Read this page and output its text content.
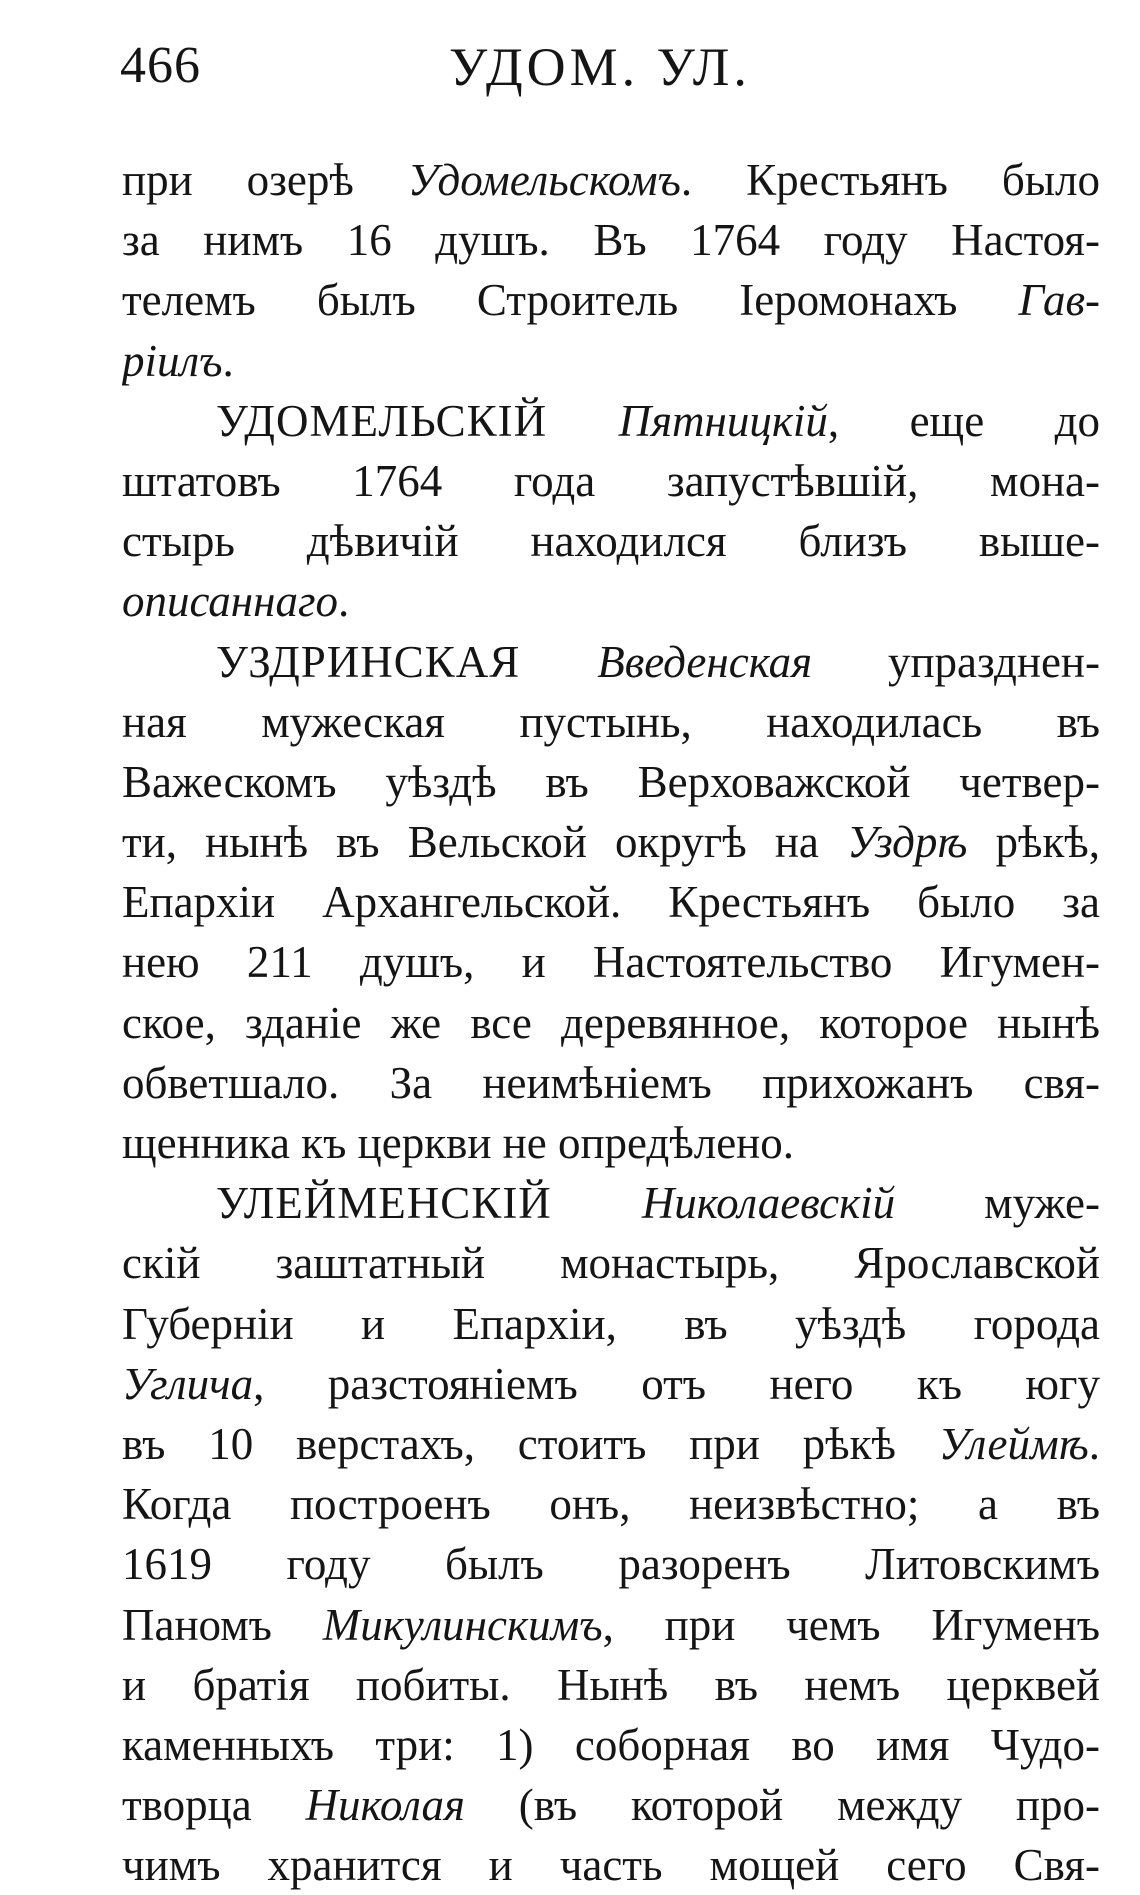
466	УДОМ. УЛ.
при озерѣ Удомельскомъ. Крестьянъ было
за нимъ 16 душъ. Въ 1764 году Настоя-
телемъ былъ Строитель Іеромонахъ Гав-
ріилъ.
УДОМЕЛЬСКІЙ Пятницкій, еще до
штатовъ 1764 года запустѣвшій, мона-
стырь дѣвичій находился близъ выше-
описаннаго.
УЗДРИНСКАЯ Введенская упразднен-
ная мужеская пустынь, находилась въ
Важескомъ уѣздѣ въ Верховажской четвер-
ти, нынѣ въ Вельской округѣ на Уздрѣ рѣкѣ,
Епархіи Архангельской. Крестьянъ было за
нею 211 душъ, и Настоятельство Игумен-
ское, зданіе же все деревянное, которое нынѣ
обветшало. За неимѣніемъ прихожанъ свя-
щенника къ церкви не опредѣлено.
УЛЕЙМЕНСКІЙ Николаевскій муже-
скій заштатный монастырь, Ярославской
Губерніи и Епархіи, въ уѣздѣ города
Углича, разстояніемъ отъ него къ югу
въ 10 верстахъ, стоитъ при рѣкѣ Улеймѣ.
Когда построенъ онъ, неизвѣстно; а въ
1619 году былъ разоренъ Литовскимъ
Паномъ Микулинскимъ, при чемъ Игуменъ
и братія побиты. Нынѣ въ немъ церквей
каменныхъ три: 1) соборная во имя Чудо-
творца Николая (въ которой между про-
чимъ хранится и часть мощей сего Свя-
